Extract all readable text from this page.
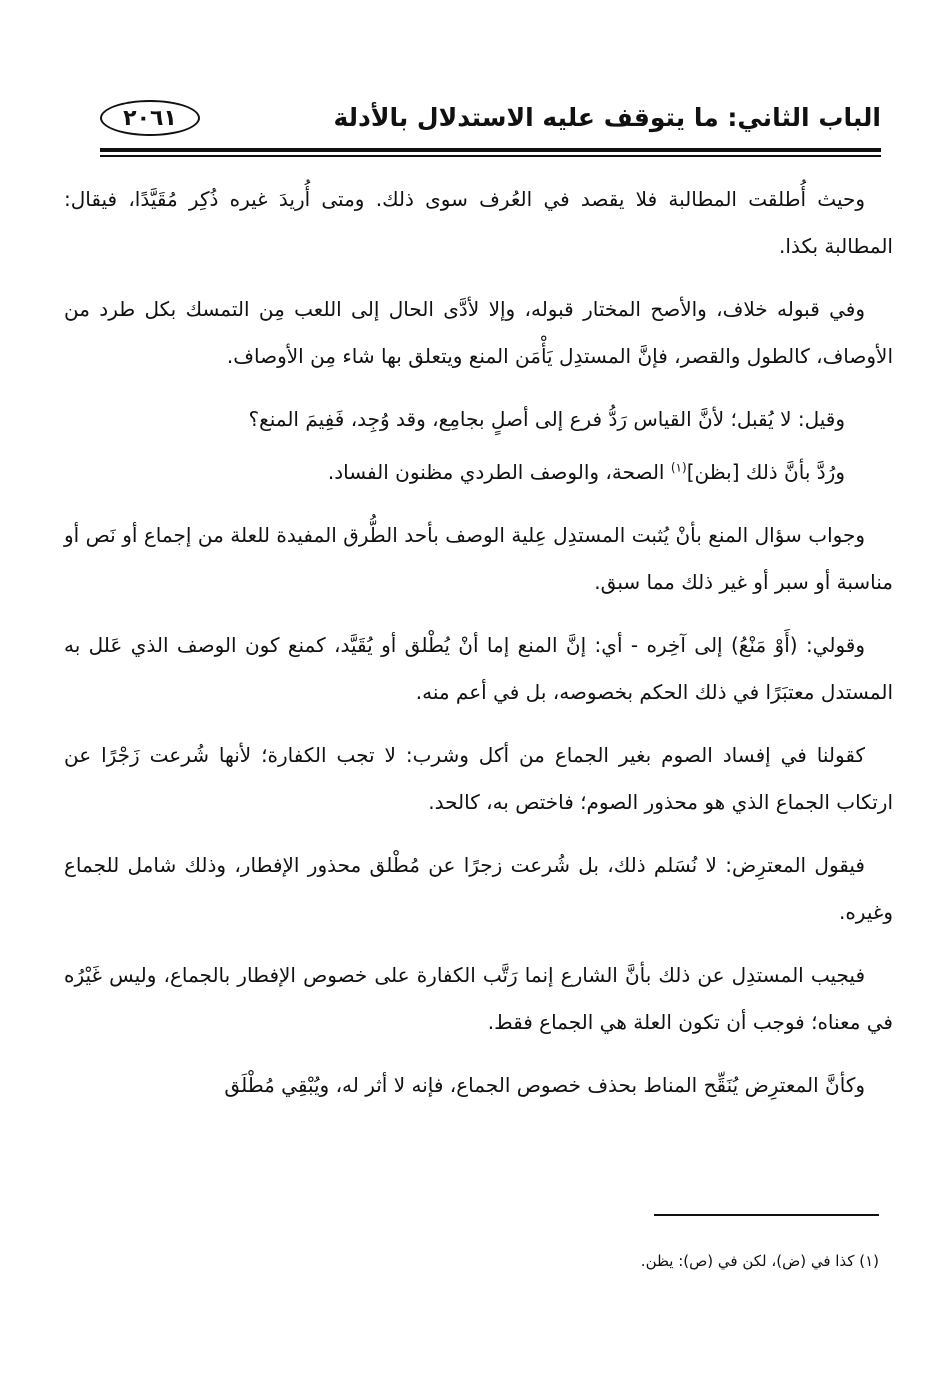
الباب الثاني: ما يتوقف عليه الاستدلال بالأدلة
٢٠٦١

وحيث أُطلقت المطالبة فلا يقصد في العُرف سوى ذلك. ومتى أُريدَ غيره ذُكِر مُقَيَّدًا، فيقال: المطالبة بكذا.

وفي قبوله خلاف، والأصح المختار قبوله، وإلا لأدَّى الحال إلى اللعب مِن التمسك بكل طرد من الأوصاف، كالطول والقصر، فإنَّ المستدِل يَأْمَن المنع ويتعلق بها شاء مِن الأوصاف.

وقيل: لا يُقبل؛ لأنَّ القياس رَدُّ فرع إلى أصلٍ بجامِع، وقد وُجِد، فَفِيمَ المنع؟

ورُدَّ بأنَّ ذلك [بظن]$^{(١)}$ الصحة، والوصف الطردي مظنون الفساد.

وجواب سؤال المنع بأنْ يُثبت المستدِل عِلية الوصف بأحد الطُّرق المفيدة للعلة من إجماع أو نَص أو مناسبة أو سبر أو غير ذلك مما سبق.

وقولي: (أَوْ مَنْعُ) إلى آخِره - أي: إنَّ المنع إما أنْ يُطْلق أو يُقَيَّد، كمنع كون الوصف الذي عَلل به المستدل معتبَرًا في ذلك الحكم بخصوصه، بل في أعم منه.

كقولنا في إفساد الصوم بغير الجماع من أكل وشرب: لا تجب الكفارة؛ لأنها شُرعت زَجْرًا عن ارتكاب الجماع الذي هو محذور الصوم؛ فاختص به، كالحد.

فيقول المعترِض: لا نُسَلم ذلك، بل شُرعت زجرًا عن مُطْلق محذور الإفطار، وذلك شامل للجماع وغيره.

فيجيب المستدِل عن ذلك بأنَّ الشارع إنما رَتَّب الكفارة على خصوص الإفطار بالجماع، وليس غَيْرُه في معناه؛ فوجب أن تكون العلة هي الجماع فقط.

وكأنَّ المعترِض يُنَقِّح المناط بحذف خصوص الجماع، فإنه لا أثر له، ويُبْقِي مُطْلَق

(١) كذا في (ض)، لكن في (ص): يظن.
